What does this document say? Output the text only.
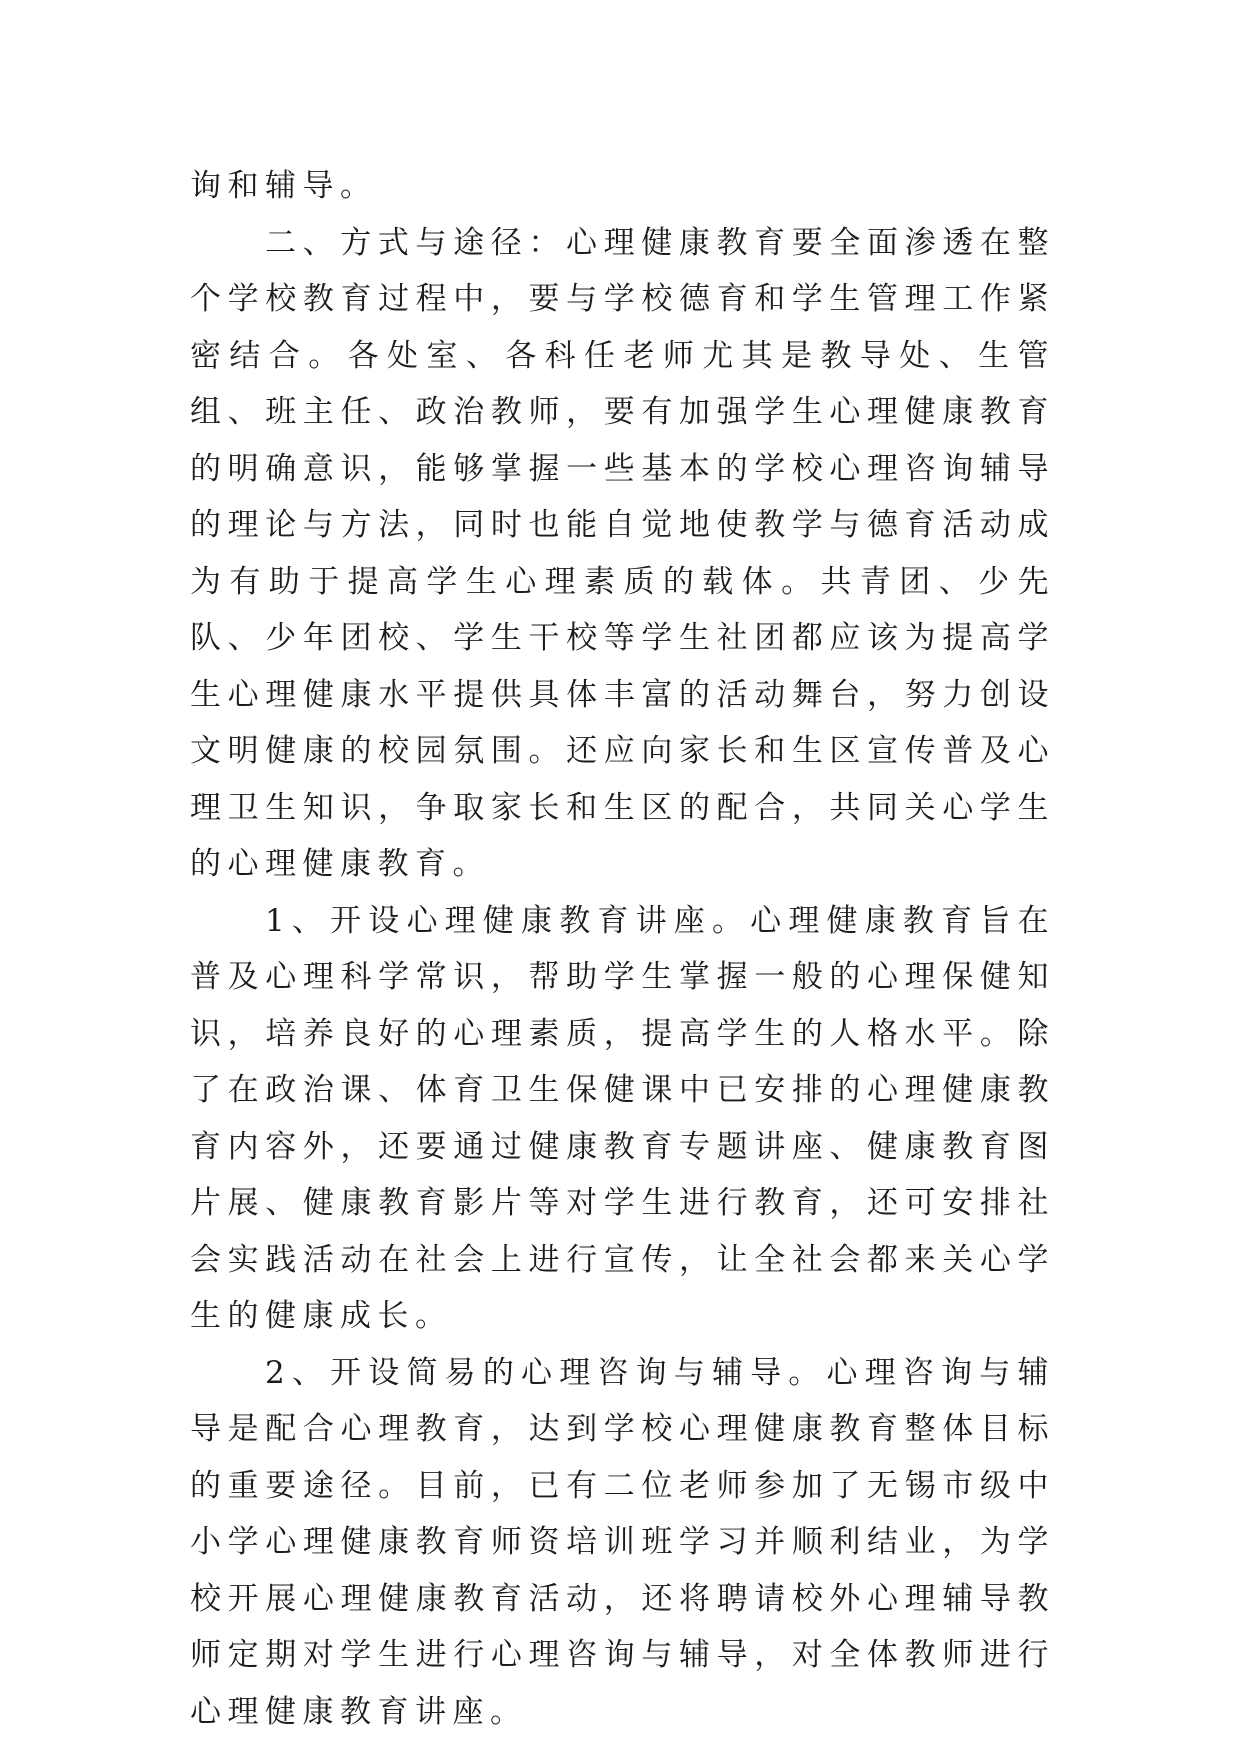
询和辅导。

二、方式与途径：心理健康教育要全面渗透在整个学校教育过程中，要与学校德育和学生管理工作紧密结合。各处室、各科任老师尤其是教导处、生管组、班主任、政治教师，要有加强学生心理健康教育的明确意识，能够掌握一些基本的学校心理咨询辅导的理论与方法，同时也能自觉地使教学与德育活动成为有助于提高学生心理素质的载体。共青团、少先队、少年团校、学生干校等学生社团都应该为提高学生心理健康水平提供具体丰富的活动舞台，努力创设文明健康的校园氛围。还应向家长和生区宣传普及心理卫生知识，争取家长和生区的配合，共同关心学生的心理健康教育。

1、开设心理健康教育讲座。心理健康教育旨在普及心理科学常识，帮助学生掌握一般的心理保健知识，培养良好的心理素质，提高学生的人格水平。除了在政治课、体育卫生保健课中已安排的心理健康教育内容外，还要通过健康教育专题讲座、健康教育图片展、健康教育影片等对学生进行教育，还可安排社会实践活动在社会上进行宣传，让全社会都来关心学生的健康成长。

2、开设简易的心理咨询与辅导。心理咨询与辅导是配合心理教育，达到学校心理健康教育整体目标的重要途径。目前，已有二位老师参加了无锡市级中小学心理健康教育师资培训班学习并顺利结业，为学校开展心理健康教育活动，还将聘请校外心理辅导教师定期对学生进行心理咨询与辅导，对全体教师进行心理健康教育讲座。
